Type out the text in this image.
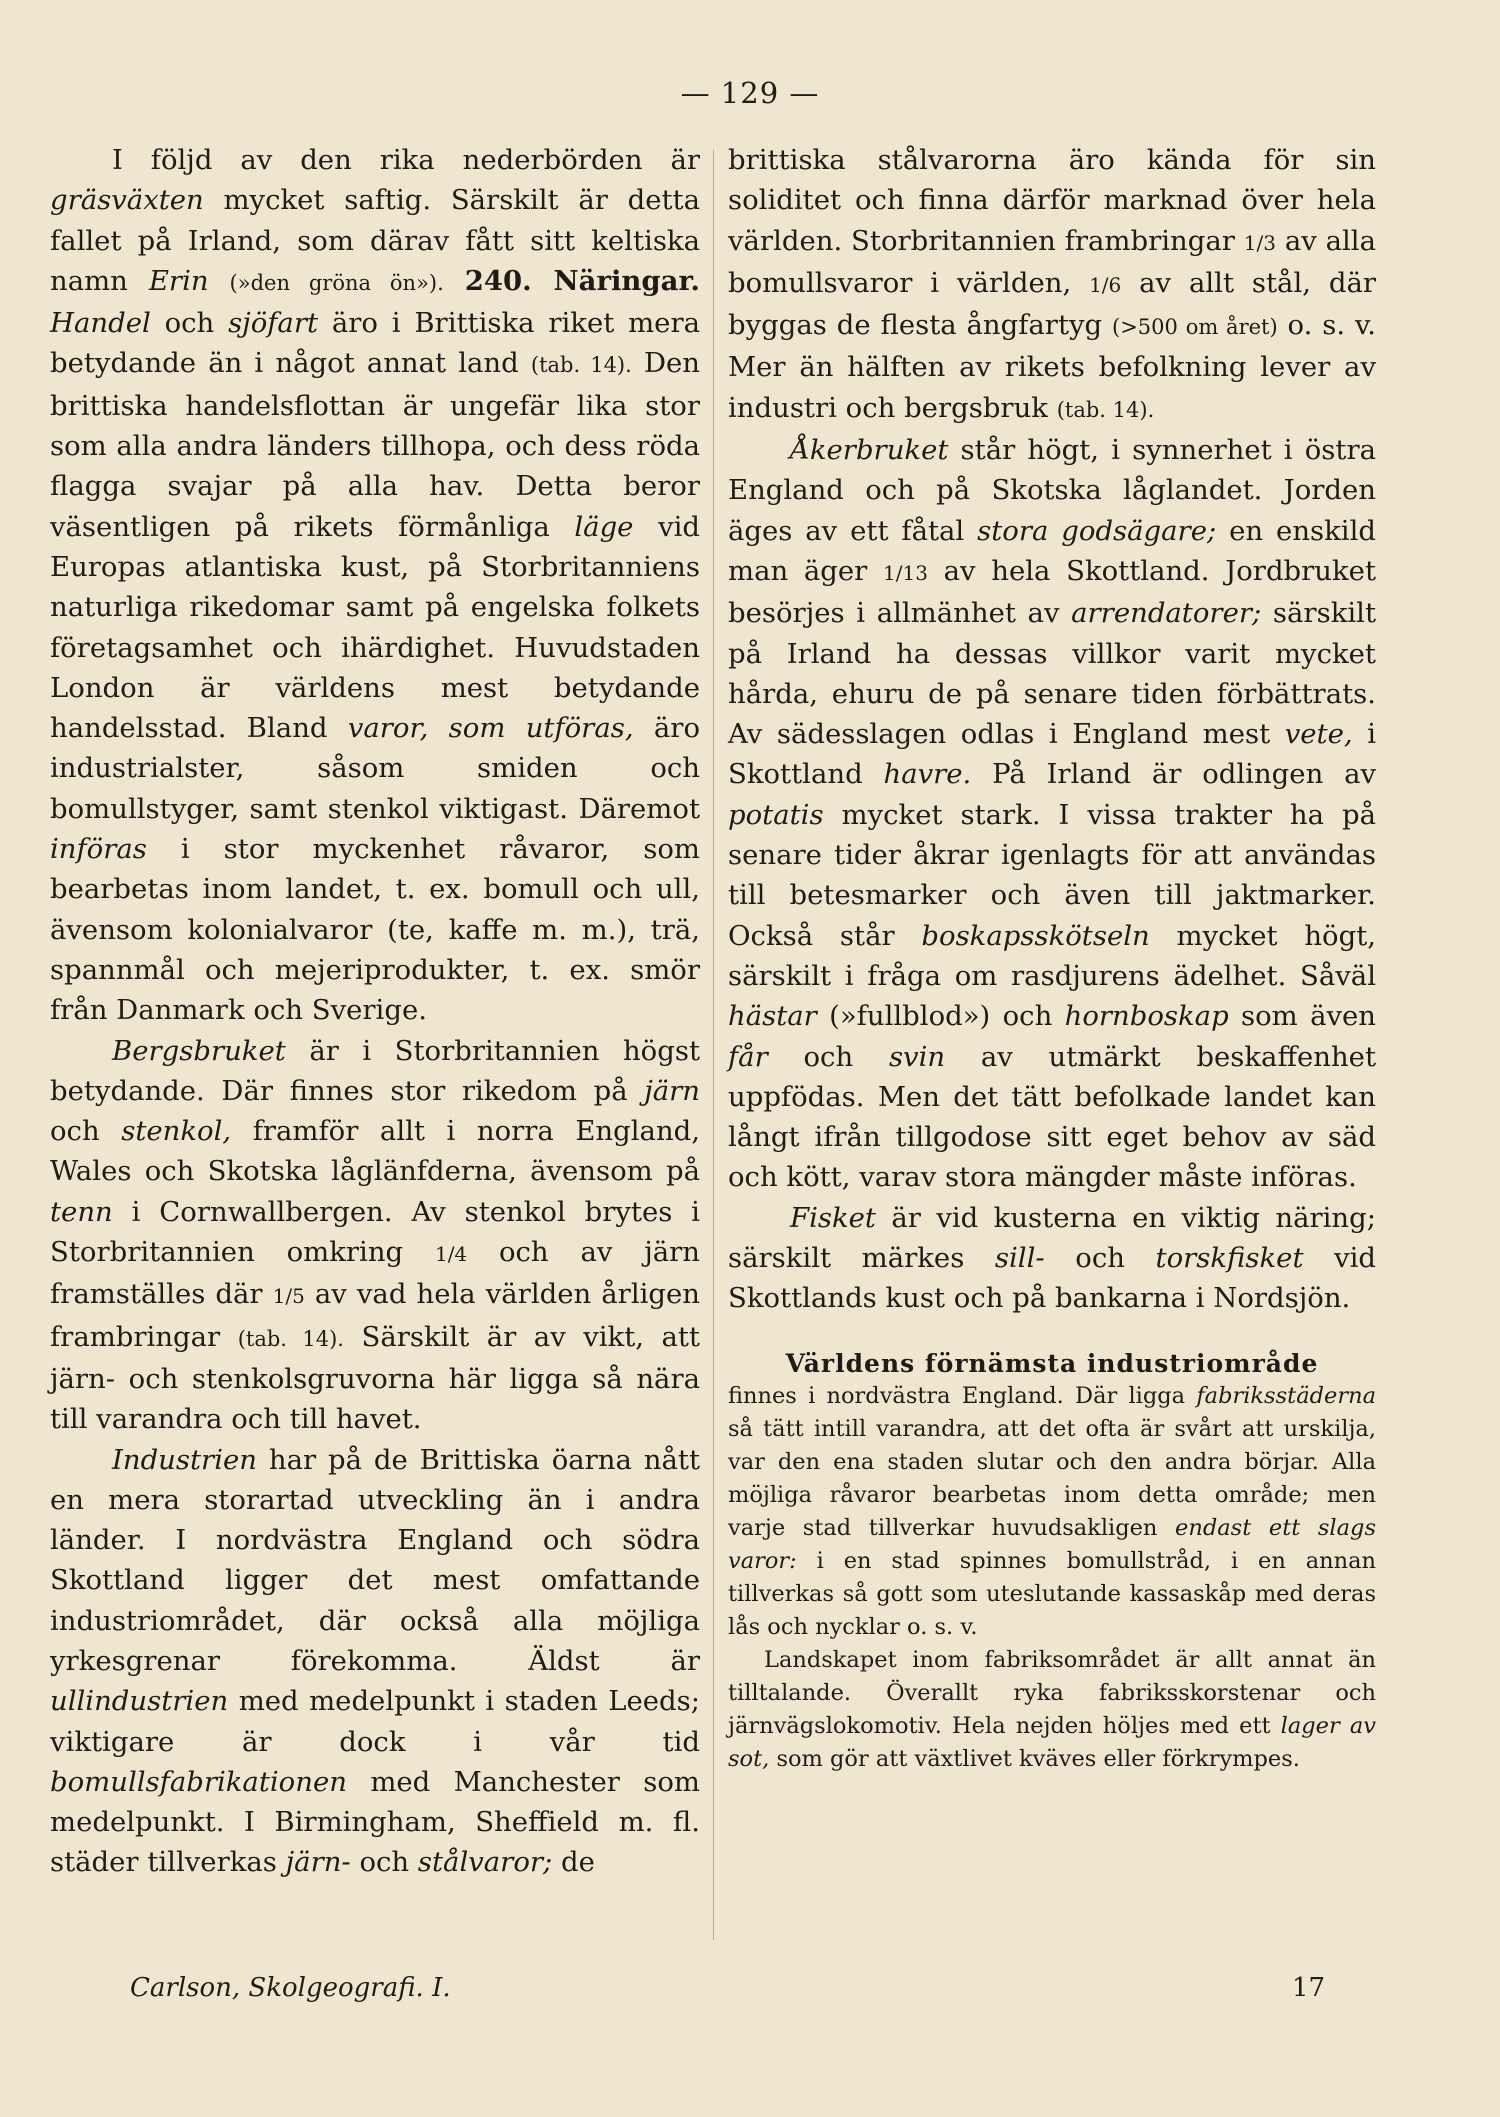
— 129 —

I följd av den rika nederbörden är gräsväxten mycket saftig. Särskilt är detta fallet på Irland, som därav fått sitt keltiska namn Erin (»den gröna ön»). 240. Näringar. Handel och sjöfart äro i Brittiska riket mera betydande än i något annat land (tab. 14). Den brittiska handelsflottan är ungefär lika stor som alla andra länders tillhopa, och dess röda flagga svajar på alla hav. Detta beror väsentligen på rikets förmånliga läge vid Europas atlantiska kust, på Storbritanniens naturliga rikedomar samt på engelska folkets företagsamhet och ihärdighet. Huvudstaden London är världens mest betydande handelsstad. Bland varor, som utföras, äro industrialster, såsom smiden och bomullstyger, samt stenkol viktigast. Däremot införas i stor myckenhet råvaror, som bearbetas inom landet, t. ex. bomull och ull, ävensom kolonialvaror (te, kaffe m. m.), trä, spannmål och mejeriprodukter, t. ex. smör från Danmark och Sverige.

Bergsbruket är i Storbritannien högst betydande. Där finnes stor rikedom på järn och stenkol, framför allt i norra England, Wales och Skotska låglänfderna, ävensom på tenn i Cornwallbergen. Av stenkol brytes i Storbritannien omkring 1/4 och av järn framställes där 1/5 av vad hela världen årligen frambringar (tab. 14). Särskilt är av vikt, att järn- och stenkolsgruvorna här ligga så nära till varandra och till havet.

Industrien har på de Brittiska öarna nått en mera storartad utveckling än i andra länder. I nordvästra England och södra Skottland ligger det mest omfattande industriområdet, där också alla möjliga yrkesgrenar förekomma. Äldst är ullindustrien med medelpunkt i staden Leeds; viktigare är dock i vår tid bomullsfabrikationen med Manchester som medelpunkt. I Birmingham, Sheffield m. fl. städer tillverkas järn- och stålvaror; de

brittiska stålvarorna äro kända för sin soliditet och finna därför marknad över hela världen. Storbritannien frambringar 1/3 av alla bomullsvaror i världen, 1/6 av allt stål, där byggas de flesta ångfartyg (>500 om året) o. s. v. Mer än hälften av rikets befolkning lever av industri och bergsbruk (tab. 14).

Åkerbruket står högt, i synnerhet i östra England och på Skotska låglandet. Jorden äges av ett fåtal stora godsägare; en enskild man äger 1/13 av hela Skottland. Jordbruket besörjes i allmänhet av arrendatorer; särskilt på Irland ha dessas villkor varit mycket hårda, ehuru de på senare tiden förbättrats. Av sädesslagen odlas i England mest vete, i Skottland havre. På Irland är odlingen av potatis mycket stark. I vissa trakter ha på senare tider åkrar igenlagts för att användas till betesmarker och även till jaktmarker. Också står boskapsskötseln mycket högt, särskilt i fråga om rasdjurens ädelhet. Såväl hästar (»fullblod») och hornboskap som även får och svin av utmärkt beskaffenhet uppfödas. Men det tätt befolkade landet kan långt ifrån tillgodose sitt eget behov av säd och kött, varav stora mängder måste införas.

Fisket är vid kusterna en viktig näring; särskilt märkes sill- och torskfisket vid Skottlands kust och på bankarna i Nordsjön.

Världens förnämsta industriområde

finnes i nordvästra England. Där ligga fabriksstäderna så tätt intill varandra, att det ofta är svårt att urskilja, var den ena staden slutar och den andra börjar. Alla möjliga råvaror bearbetas inom detta område; men varje stad tillverkar huvudsakligen endast ett slags varor: i en stad spinnes bomullstråd, i en annan tillverkas så gott som uteslutande kassaskåp med deras lås och nycklar o. s. v.

Landskapet inom fabriksområdet är allt annat än tilltalande. Överallt ryka fabriksskorstenar och järnvägslokomotiv. Hela nejden höljes med ett lager av sot, som gör att växtlivet kväves eller förkrympes.

Carlson, Skolgeografi. I.	17
